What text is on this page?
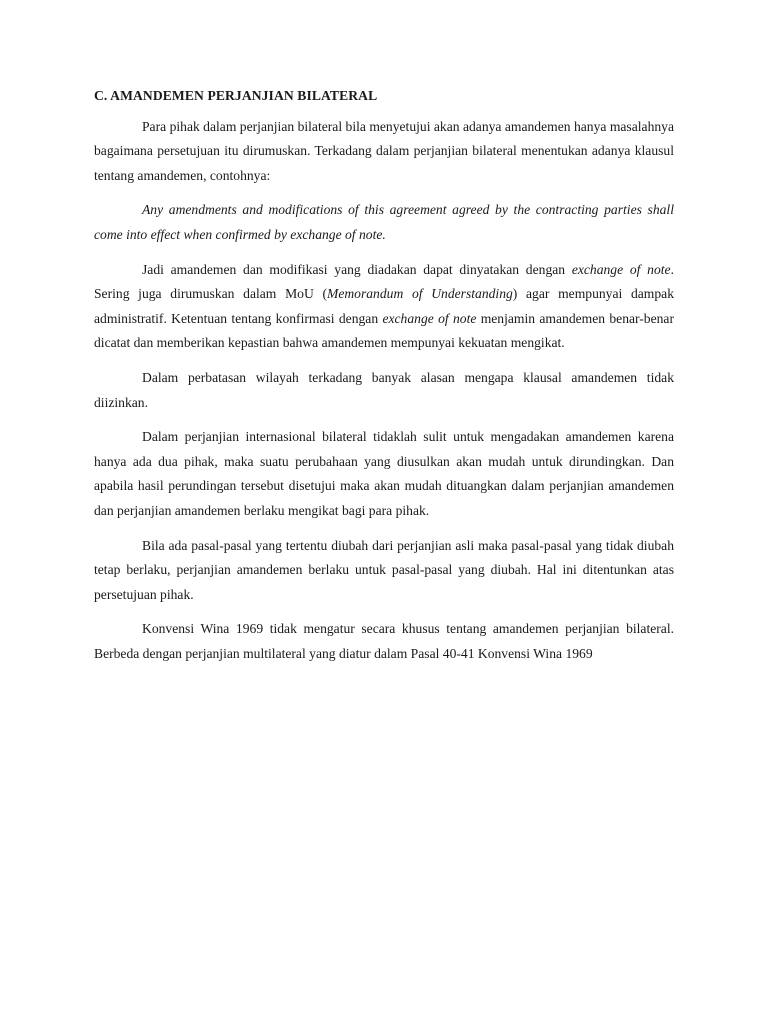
C. AMANDEMEN PERJANJIAN BILATERAL

Para pihak dalam perjanjian bilateral bila menyetujui akan adanya amandemen hanya masalahnya bagaimana persetujuan itu dirumuskan. Terkadang dalam perjanjian bilateral menentukan adanya klausul tentang amandemen, contohnya:

Any amendments and modifications of this agreement agreed by the contracting parties shall come into effect when confirmed by exchange of note.

Jadi amandemen dan modifikasi yang diadakan dapat dinyatakan dengan exchange of note. Sering juga dirumuskan dalam MoU (Memorandum of Understanding) agar mempunyai dampak administratif. Ketentuan tentang konfirmasi dengan exchange of note menjamin amandemen benar-benar dicatat dan memberikan kepastian bahwa amandemen mempunyai kekuatan mengikat.

Dalam perbatasan wilayah terkadang banyak alasan mengapa klausal amandemen tidak diizinkan.

Dalam perjanjian internasional bilateral tidaklah sulit untuk mengadakan amandemen karena hanya ada dua pihak, maka suatu perubahaan yang diusulkan akan mudah untuk dirundingkan. Dan apabila hasil perundingan tersebut disetujui maka akan mudah dituangkan dalam perjanjian amandemen dan perjanjian amandemen berlaku mengikat bagi para pihak.

Bila ada pasal-pasal yang tertentu diubah dari perjanjian asli maka pasal-pasal yang tidak diubah tetap berlaku, perjanjian amandemen berlaku untuk pasal-pasal yang diubah. Hal ini ditentunkan atas persetujuan pihak.

Konvensi Wina 1969 tidak mengatur secara khusus tentang amandemen perjanjian bilateral. Berbeda dengan perjanjian multilateral yang diatur dalam Pasal 40-41 Konvensi Wina 1969
